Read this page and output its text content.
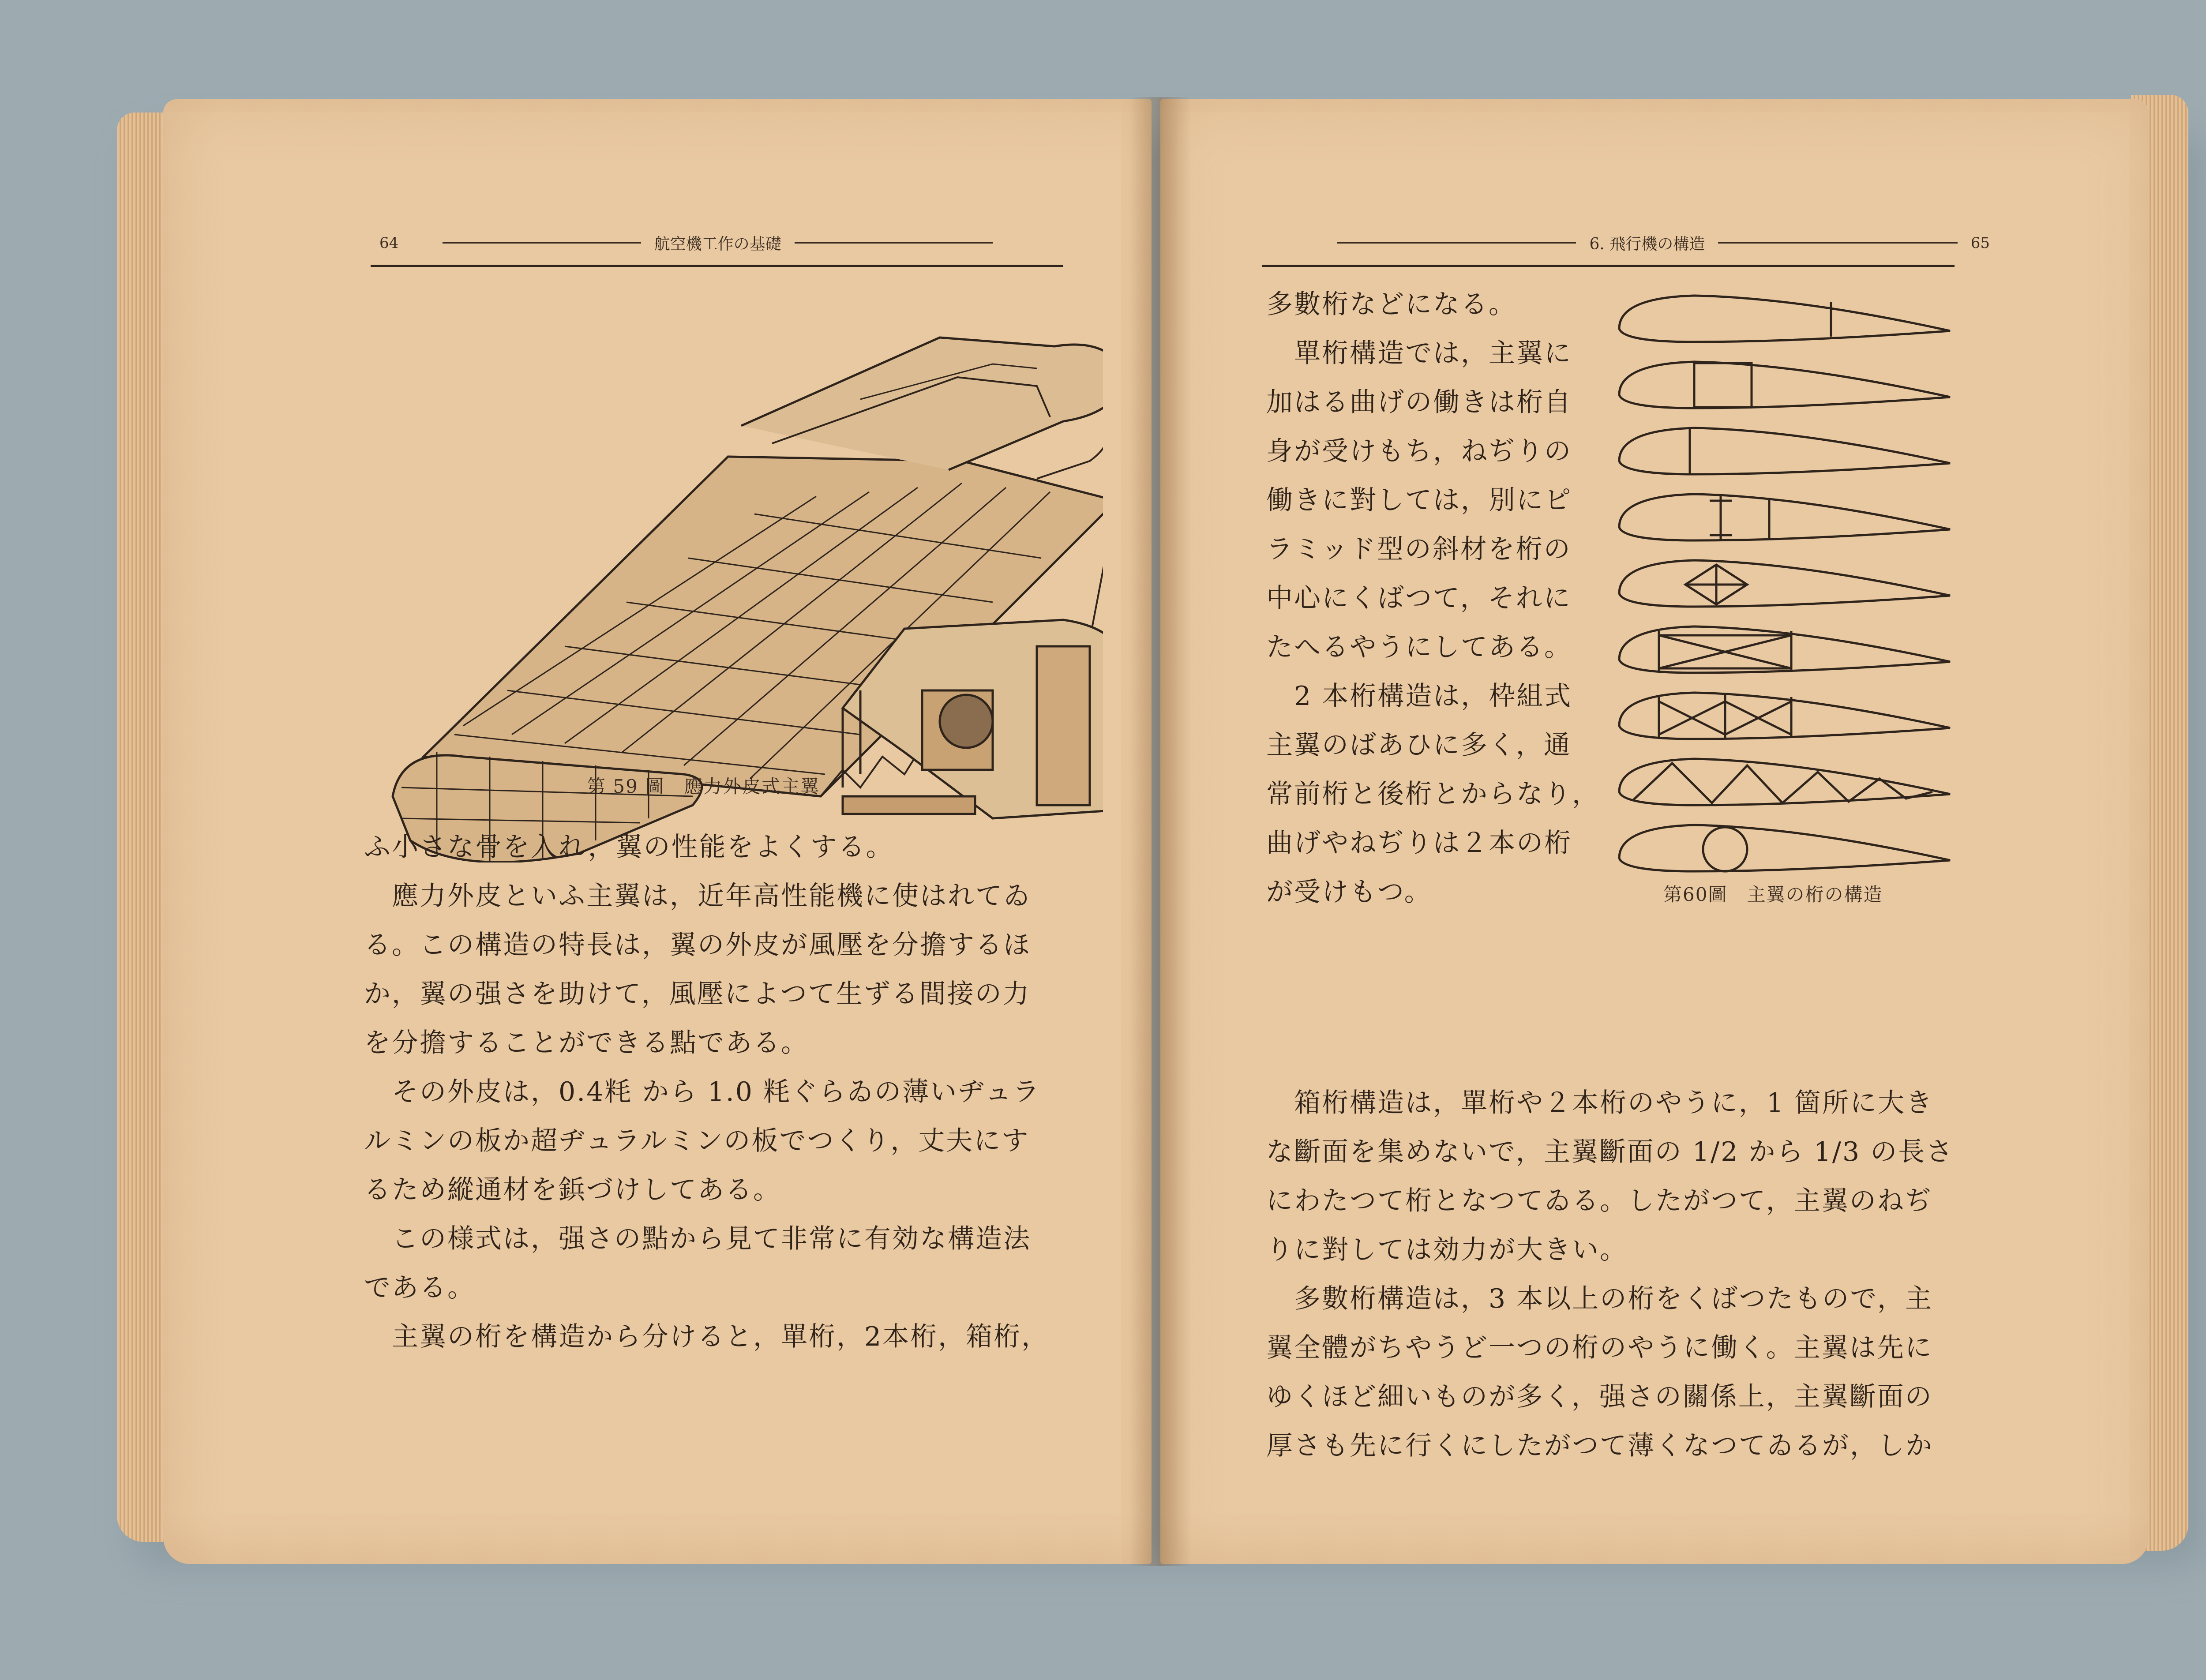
64	航空機工作の基礎
第 59 圖　應力外皮式主翼

ふ小さな骨を入れ，翼の性能をよくする。

　應力外皮といふ主翼は，近年高性能機に使はれてゐ

る。この構造の特長は，翼の外皮が風壓を分擔するほ

か，翼の强さを助けて，風壓によつて生ずる間接の力

を分擔することができる點である。

　その外皮は，0.4粍 から 1.0 粍ぐらゐの薄いヂュラ

ルミンの板か超ヂュラルミンの板でつくり，丈夫にす

るため縱通材を鋲づけしてある。

　この様式は，强さの點から見て非常に有効な構造法

である。

　主翼の桁を構造から分けると，單桁，2本桁，箱桁，

6. 飛行機の構造	65

多數桁などになる。

　單桁構造では，主翼に

加はる曲げの働きは桁自

身が受けもち，ねぢりの

働きに對しては，別にピ

ラミッド型の斜材を桁の

中心にくばつて，それに

たへるやうにしてある。

　2 本桁構造は，枠組式

主翼のばあひに多く，通

常前桁と後桁とからなり，

曲げやねぢりは２本の桁

が受けもつ。	第60圖　主翼の桁の構造

　箱桁構造は，單桁や２本桁のやうに，1 箇所に大き

な斷面を集めないで，主翼斷面の 1/2 から 1/3 の長さ

にわたつて桁となつてゐる。したがつて，主翼のねぢ

りに對しては効力が大きい。

　多數桁構造は，3 本以上の桁をくばつたもので，主

翼全體がちやうど一つの桁のやうに働く。主翼は先に

ゆくほど細いものが多く，强さの關係上，主翼斷面の

厚さも先に行くにしたがつて薄くなつてゐるが，しか
